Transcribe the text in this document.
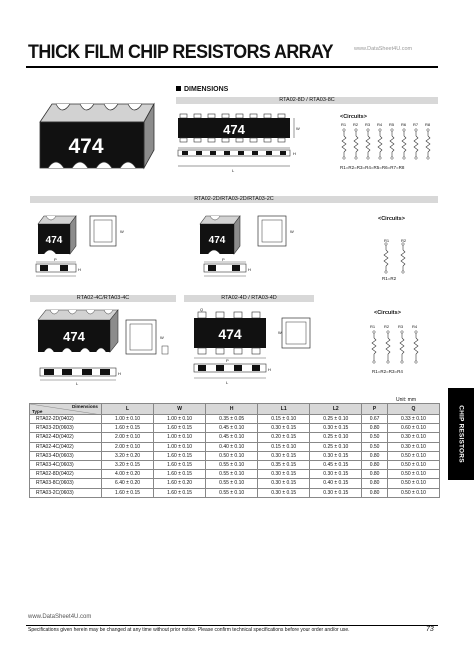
THICK FILM CHIP RESISTORS ARRAY	www.DataSheet4U.com
DIMENSIONS
474
RTA02-8D / RTA03-8C
474	W
H
L
<Circuits>
R1 R2 R3 R4 R5 R6 R7 R8
R1=R2=R3=R4=R5=R6=R7=R8
RTA02-2D/RTA03-2D/RTA03-2C
474
W
P
H
474
W
P
H
<Circuits>
R1	R2
R1=R2
RTA02-4C/RTA03-4C	RTA02-4D / RTA03-4D
474	W
H
L
Q
474	W
P
H
L
<Circuits>
R1 R2 R3 R4
R1=R2=R3=R4
Unit: mm
Dimensions
Type	L	W	H	L1	L2	P	Q
RTA02-2D(0402)	1.00 ± 0.10	1.00 ± 0.10	0.35 ± 0.05	0.15 ± 0.10	0.25 ± 0.10	0.67	0.33 ± 0.10
RTA03-2D(0603)	1.60 ± 0.15	1.60 ± 0.15	0.45 ± 0.10	0.30 ± 0.15	0.30 ± 0.15	0.80	0.60 ± 0.10
RTA02-4D(0402)	2.00 ± 0.10	1.00 ± 0.10	0.45 ± 0.10	0.20 ± 0.15	0.25 ± 0.10	0.50	0.30 ± 0.10
RTA02-4C(0402)	2.00 ± 0.10	1.00 ± 0.10	0.40 ± 0.10	0.15 ± 0.10	0.25 ± 0.10	0.50	0.30 ± 0.10
RTA03-4D(0603)	3.20 ± 0.20	1.60 ± 0.15	0.50 ± 0.10	0.30 ± 0.15	0.30 ± 0.15	0.80	0.50 ± 0.10
RTA03-4C(0603)	3.20 ± 0.15	1.60 ± 0.15	0.55 ± 0.10	0.35 ± 0.15	0.45 ± 0.15	0.80	0.50 ± 0.10
RTA02-8D(0402)	4.00 ± 0.20	1.60 ± 0.15	0.55 ± 0.10	0.30 ± 0.15	0.30 ± 0.15	0.80	0.50 ± 0.10
RTA03-8C(0603)	6.40 ± 0.20	1.60 ± 0.20	0.55 ± 0.10	0.30 ± 0.15	0.40 ± 0.15	0.80	0.50 ± 0.10
RTA03-2C(0603)	1.60 ± 0.15	1.60 ± 0.15	0.55 ± 0.10	0.30 ± 0.15	0.30 ± 0.15	0.80	0.50 ± 0.10
CHIP RESISTORS
www.DataSheet4U.com
Specifications given herein may be changed at any time without prior notice. Please confirm technical specifications before your order and/or use.	73
